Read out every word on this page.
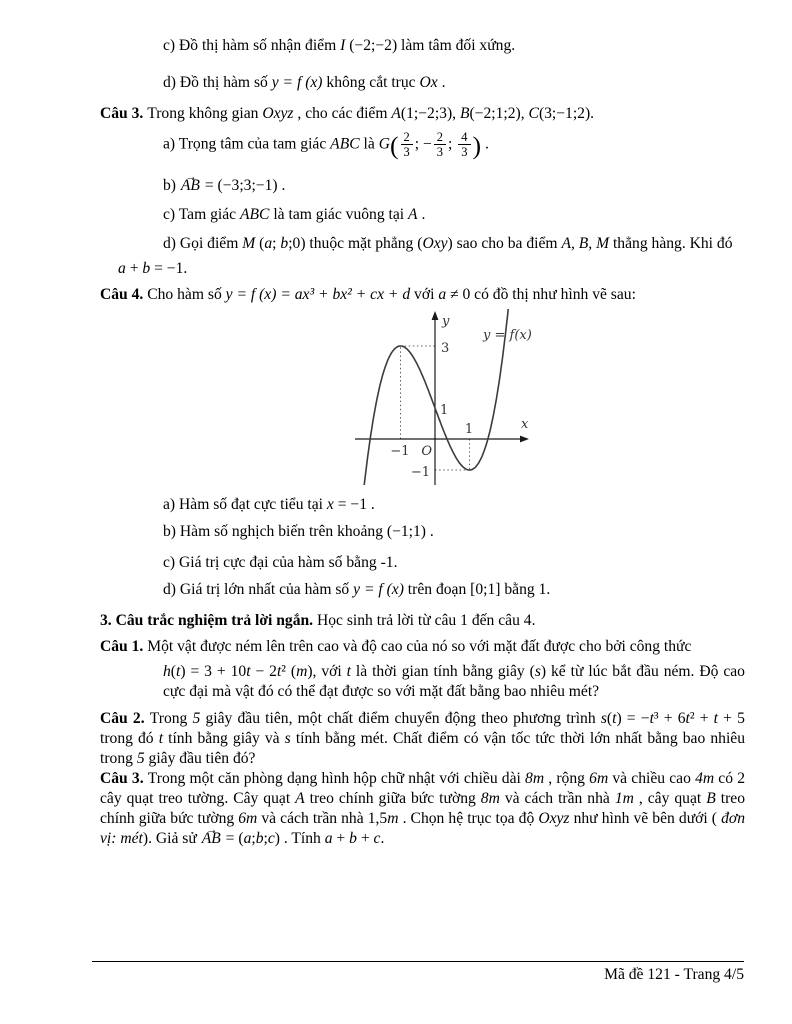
c) Đồ thị hàm số nhận điểm I (−2;−2) làm tâm đối xứng.

d) Đồ thị hàm số y = f (x) không cắt trục Ox .

Câu 3. Trong không gian Oxyz , cho các điểm A(1;−2;3), B(−2;1;2), C(3;−1;2).

a) Trọng tâm của tam giác ABC là $G( \frac{2}{3}$ ; − $\frac{2}{3}$ ; $\frac{4}{3}$ ) .

b) → AB = (−3;3;−1) .

c) Tam giác ABC là tam giác vuông tại A .

d) Gọi điểm M (a; b;0) thuộc mặt phẳng (Oxy) sao cho ba điểm A, B, M thẳng hàng. Khi đó

a + b = −1.

Câu 4. Cho hàm số y = f (x) = ax³ + bx² + cx + d với a ≠ 0 có đồ thị như hình vẽ sau:

y
x
O
3
1
−1
−1
1
y = f(x)

a) Hàm số đạt cực tiểu tại x = −1 .

b) Hàm số nghịch biến trên khoảng (−1;1) .

c) Giá trị cực đại của hàm số bằng -1.

d) Giá trị lớn nhất của hàm số y = f (x) trên đoạn [0;1] bằng 1.

3. Câu trắc nghiệm trả lời ngắn. Học sinh trả lời từ câu 1 đến câu 4.

Câu 1. Một vật được ném lên trên cao và độ cao của nó so với mặt đất được cho bởi công thức

h(t) = 3 + 10t − 2t² (m), với t là thời gian tính bằng giây (s) kể từ lúc bắt đầu ném. Độ cao cực đại mà vật đó có thể đạt được so với mặt đất bằng bao nhiêu mét?

Câu 2. Trong 5 giây đầu tiên, một chất điểm chuyển động theo phương trình s(t) = −t³ + 6t² + t + 5 trong đó t tính bằng giây và s tính bằng mét. Chất điểm có vận tốc tức thời lớn nhất bằng bao nhiêu trong 5 giây đầu tiên đó?

Câu 3. Trong một căn phòng dạng hình hộp chữ nhật với chiều dài 8m , rộng 6m và chiều cao 4m có 2 cây quạt treo tường. Cây quạt A treo chính giữa bức tường 8m và cách trần nhà 1m , cây quạt B treo chính giữa bức tường 6m và cách trần nhà 1,5m . Chọn hệ trục tọa độ Oxyz như hình vẽ bên dưới ( đơn vị: mét). Giả sử → AB = (a;b;c) . Tính a + b + c.

Mã đề 121 - Trang 4/5
